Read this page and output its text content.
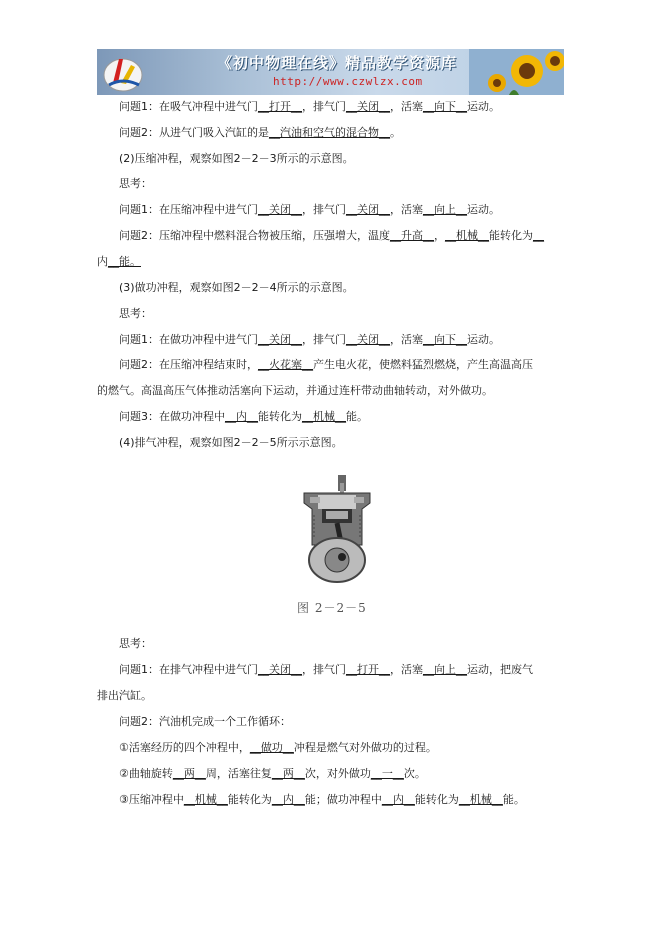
《初中物理在线》精品教学资源库
http://www.czwlzx.com
问题1：在吸气冲程中进气门__打开__，排气门__关闭__，活塞__向下__运动。
问题2：从进气门吸入汽缸的是__汽油和空气的混合物__。
(2)压缩冲程，观察如图2－2－3所示的示意图。
思考：
问题1：在压缩冲程中进气门__关闭__，排气门__关闭__，活塞__向上__运动。
问题2：压缩冲程中燃料混合物被压缩，压强增大，温度__升高__，__机械__能转化为__
内__能。
(3)做功冲程，观察如图2－2－4所示的示意图。
思考：
问题1：在做功冲程中进气门__关闭__，排气门__关闭__，活塞__向下__运动。
问题2：在压缩冲程结束时，__火花塞__产生电火花，使燃料猛烈燃烧，产生高温高压
的燃气。高温高压气体推动活塞向下运动，并通过连杆带动曲轴转动，对外做功。
问题3：在做功冲程中__内__能转化为__机械__能。
(4)排气冲程，观察如图2－2－5所示示意图。
思考：
问题1：在排气冲程中进气门__关闭__，排气门__打开__，活塞__向上__运动，把废气
排出汽缸。
问题2：汽油机完成一个工作循环：
①活塞经历的四个冲程中，__做功__冲程是燃气对外做功的过程。
②曲轴旋转__两__周，活塞往复__两__次，对外做功__一__次。
③压缩冲程中__机械__能转化为__内__能；做功冲程中__内__能转化为__机械__能。
图 2－2－5
